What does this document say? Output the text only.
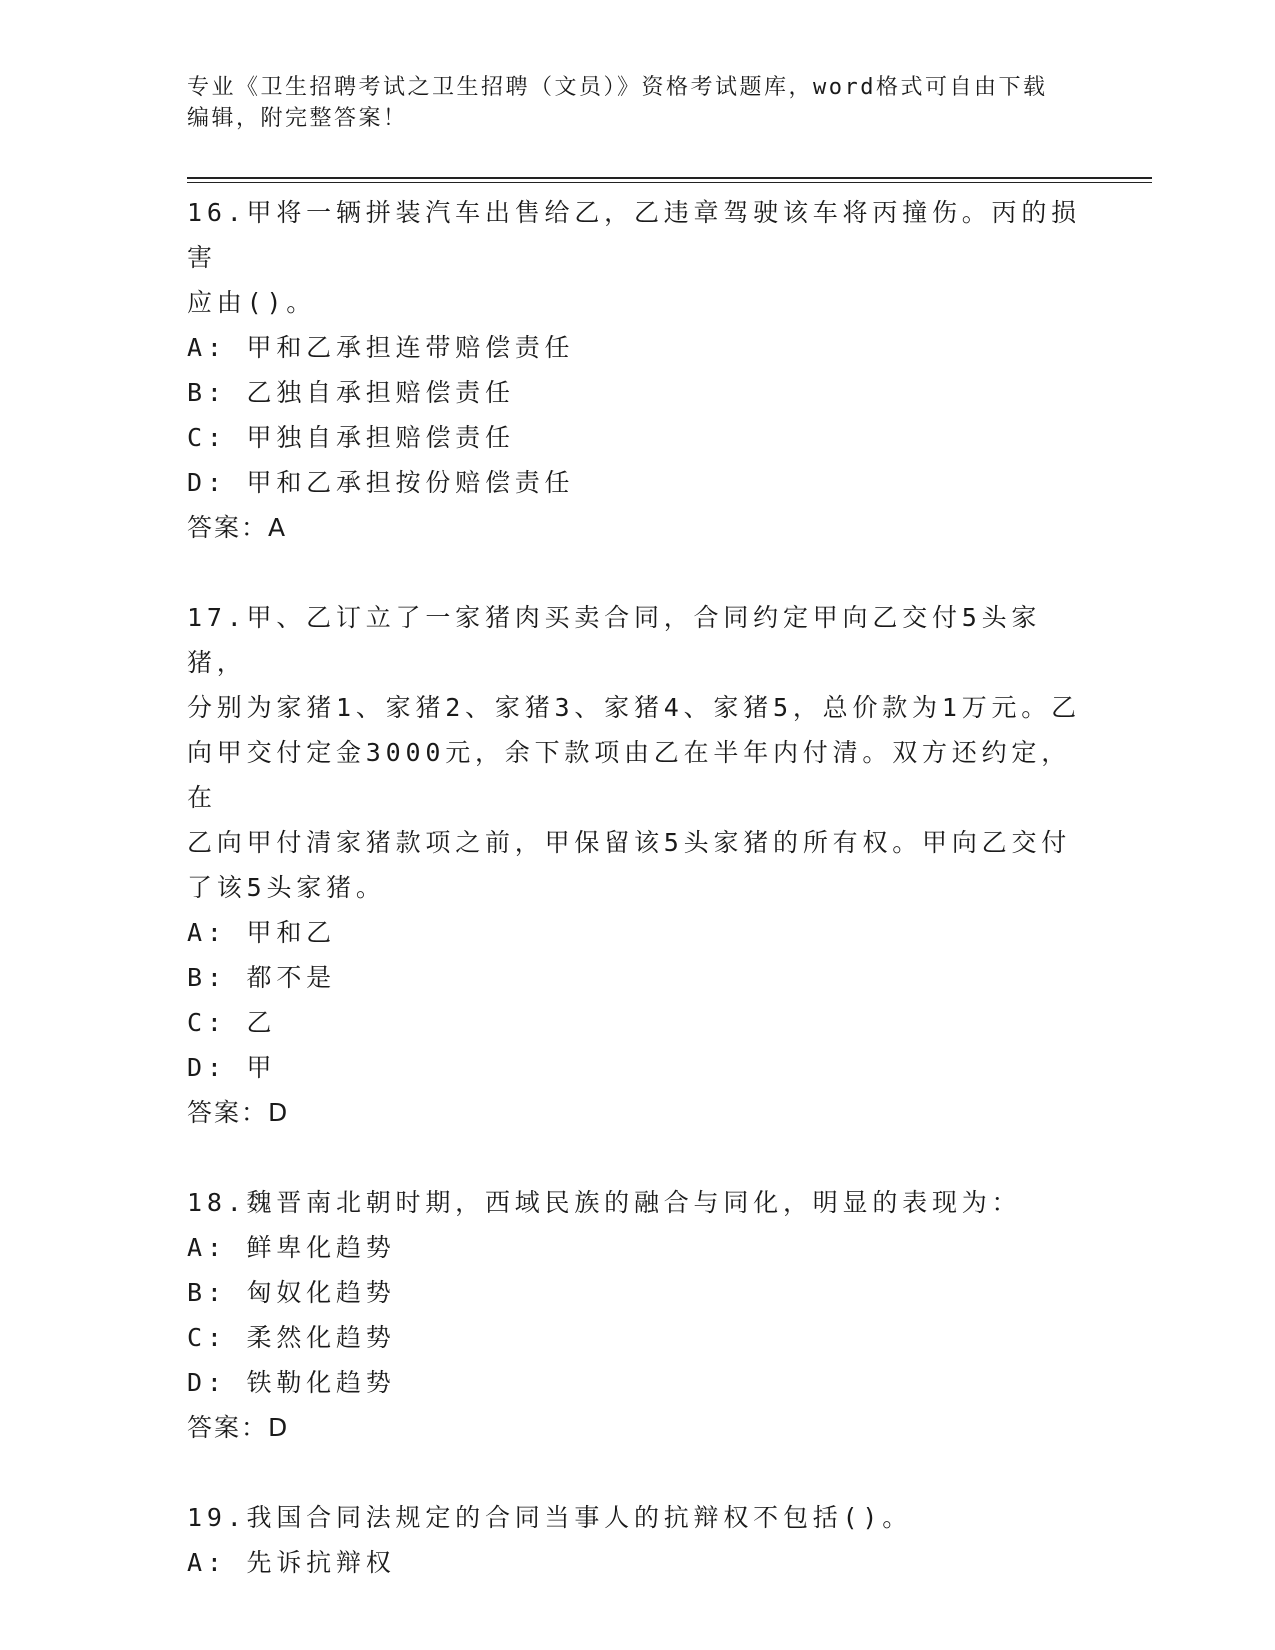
专业《卫生招聘考试之卫生招聘（文员）》资格考试题库，word格式可自由下载
编辑，附完整答案！
16.甲将一辆拼装汽车出售给乙，乙违章驾驶该车将丙撞伤。丙的损害
应由()。
A: 甲和乙承担连带赔偿责任
B: 乙独自承担赔偿责任
C: 甲独自承担赔偿责任
D: 甲和乙承担按份赔偿责任
答案：A
17.甲、乙订立了一家猪肉买卖合同，合同约定甲向乙交付5头家猪，
分别为家猪1、家猪2、家猪3、家猪4、家猪5，总价款为1万元。乙
向甲交付定金3000元，余下款项由乙在半年内付清。双方还约定，在
乙向甲付清家猪款项之前，甲保留该5头家猪的所有权。甲向乙交付
了该5头家猪。
A: 甲和乙
B: 都不是
C: 乙
D: 甲
答案：D
18.魏晋南北朝时期，西域民族的融合与同化，明显的表现为：
A: 鲜卑化趋势
B: 匈奴化趋势
C: 柔然化趋势
D: 铁勒化趋势
答案：D
19.我国合同法规定的合同当事人的抗辩权不包括()。
A: 先诉抗辩权
